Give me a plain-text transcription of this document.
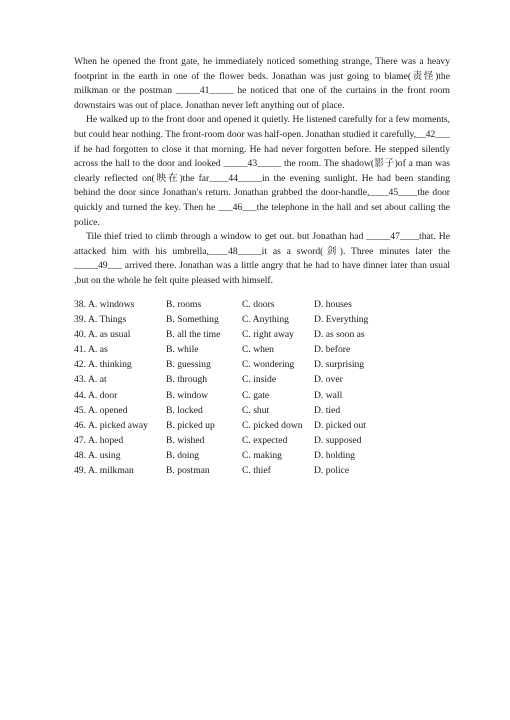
When he opened the front gate, he immediately noticed something strange, There was a heavy footprint in the earth in one of the flower beds. Jonathan was just going to blame(责怪)the milkman or the postman _____41_____ he noticed that one of the curtains in the front room downstairs was out of place. Jonathan never left anything out of place.

He walked up to the front door and opened it quietly. He listened carefully for a few moments, but could hear nothing. The front-room door was half-open. Jonathan studied it carefully,__42___

if he had forgotten to close it that morning. He had never forgotten before. He stepped silently across the hall to the door and looked _____43_____ the room. The shadow(影子)of a man was clearly reflected on(映在)the far____44_____in the evening sunlight. He had been standing behind the door since Jonathan's return. Jonathan grabbed the door-handle,____45____the door quickly and turned the key. Then he ___46___the telephone in the hall and set about calling the police.

Tile thief tried to climb through a window to get out. but Jonathan had _____47____that. He attacked him with his umbrella,____48_____it as a sword(剑). Three minutes later the _____49___ arrived there. Jonathan was a little angry that he had to have dinner later than usual ,but on the whole he felt quite pleased with himself.

38. A. windows	B. rooms	C. doors	D. houses
39. A. Things	B. Something C. Anything	D. Everything
40. A. as usual	B. all the time C. right away D. as soon as
41. A. as	B. while	C. when	D. before
42. A. thinking	B. guessing	C. wondering D. surprising
43. A. at	B. through	C. inside	D. over
44. A. door	B. window	C. gate	D. wall
45. A. opened	B. locked	C. shut	D. tied
46. A. picked away B. picked up	C. picked down D. picked out
47. A. hoped	B. wished	C. expected	D. supposed
48. A. using	B. doing	C. making	D. holding
49. A. milkman	B. postman	C. thief	D. police
